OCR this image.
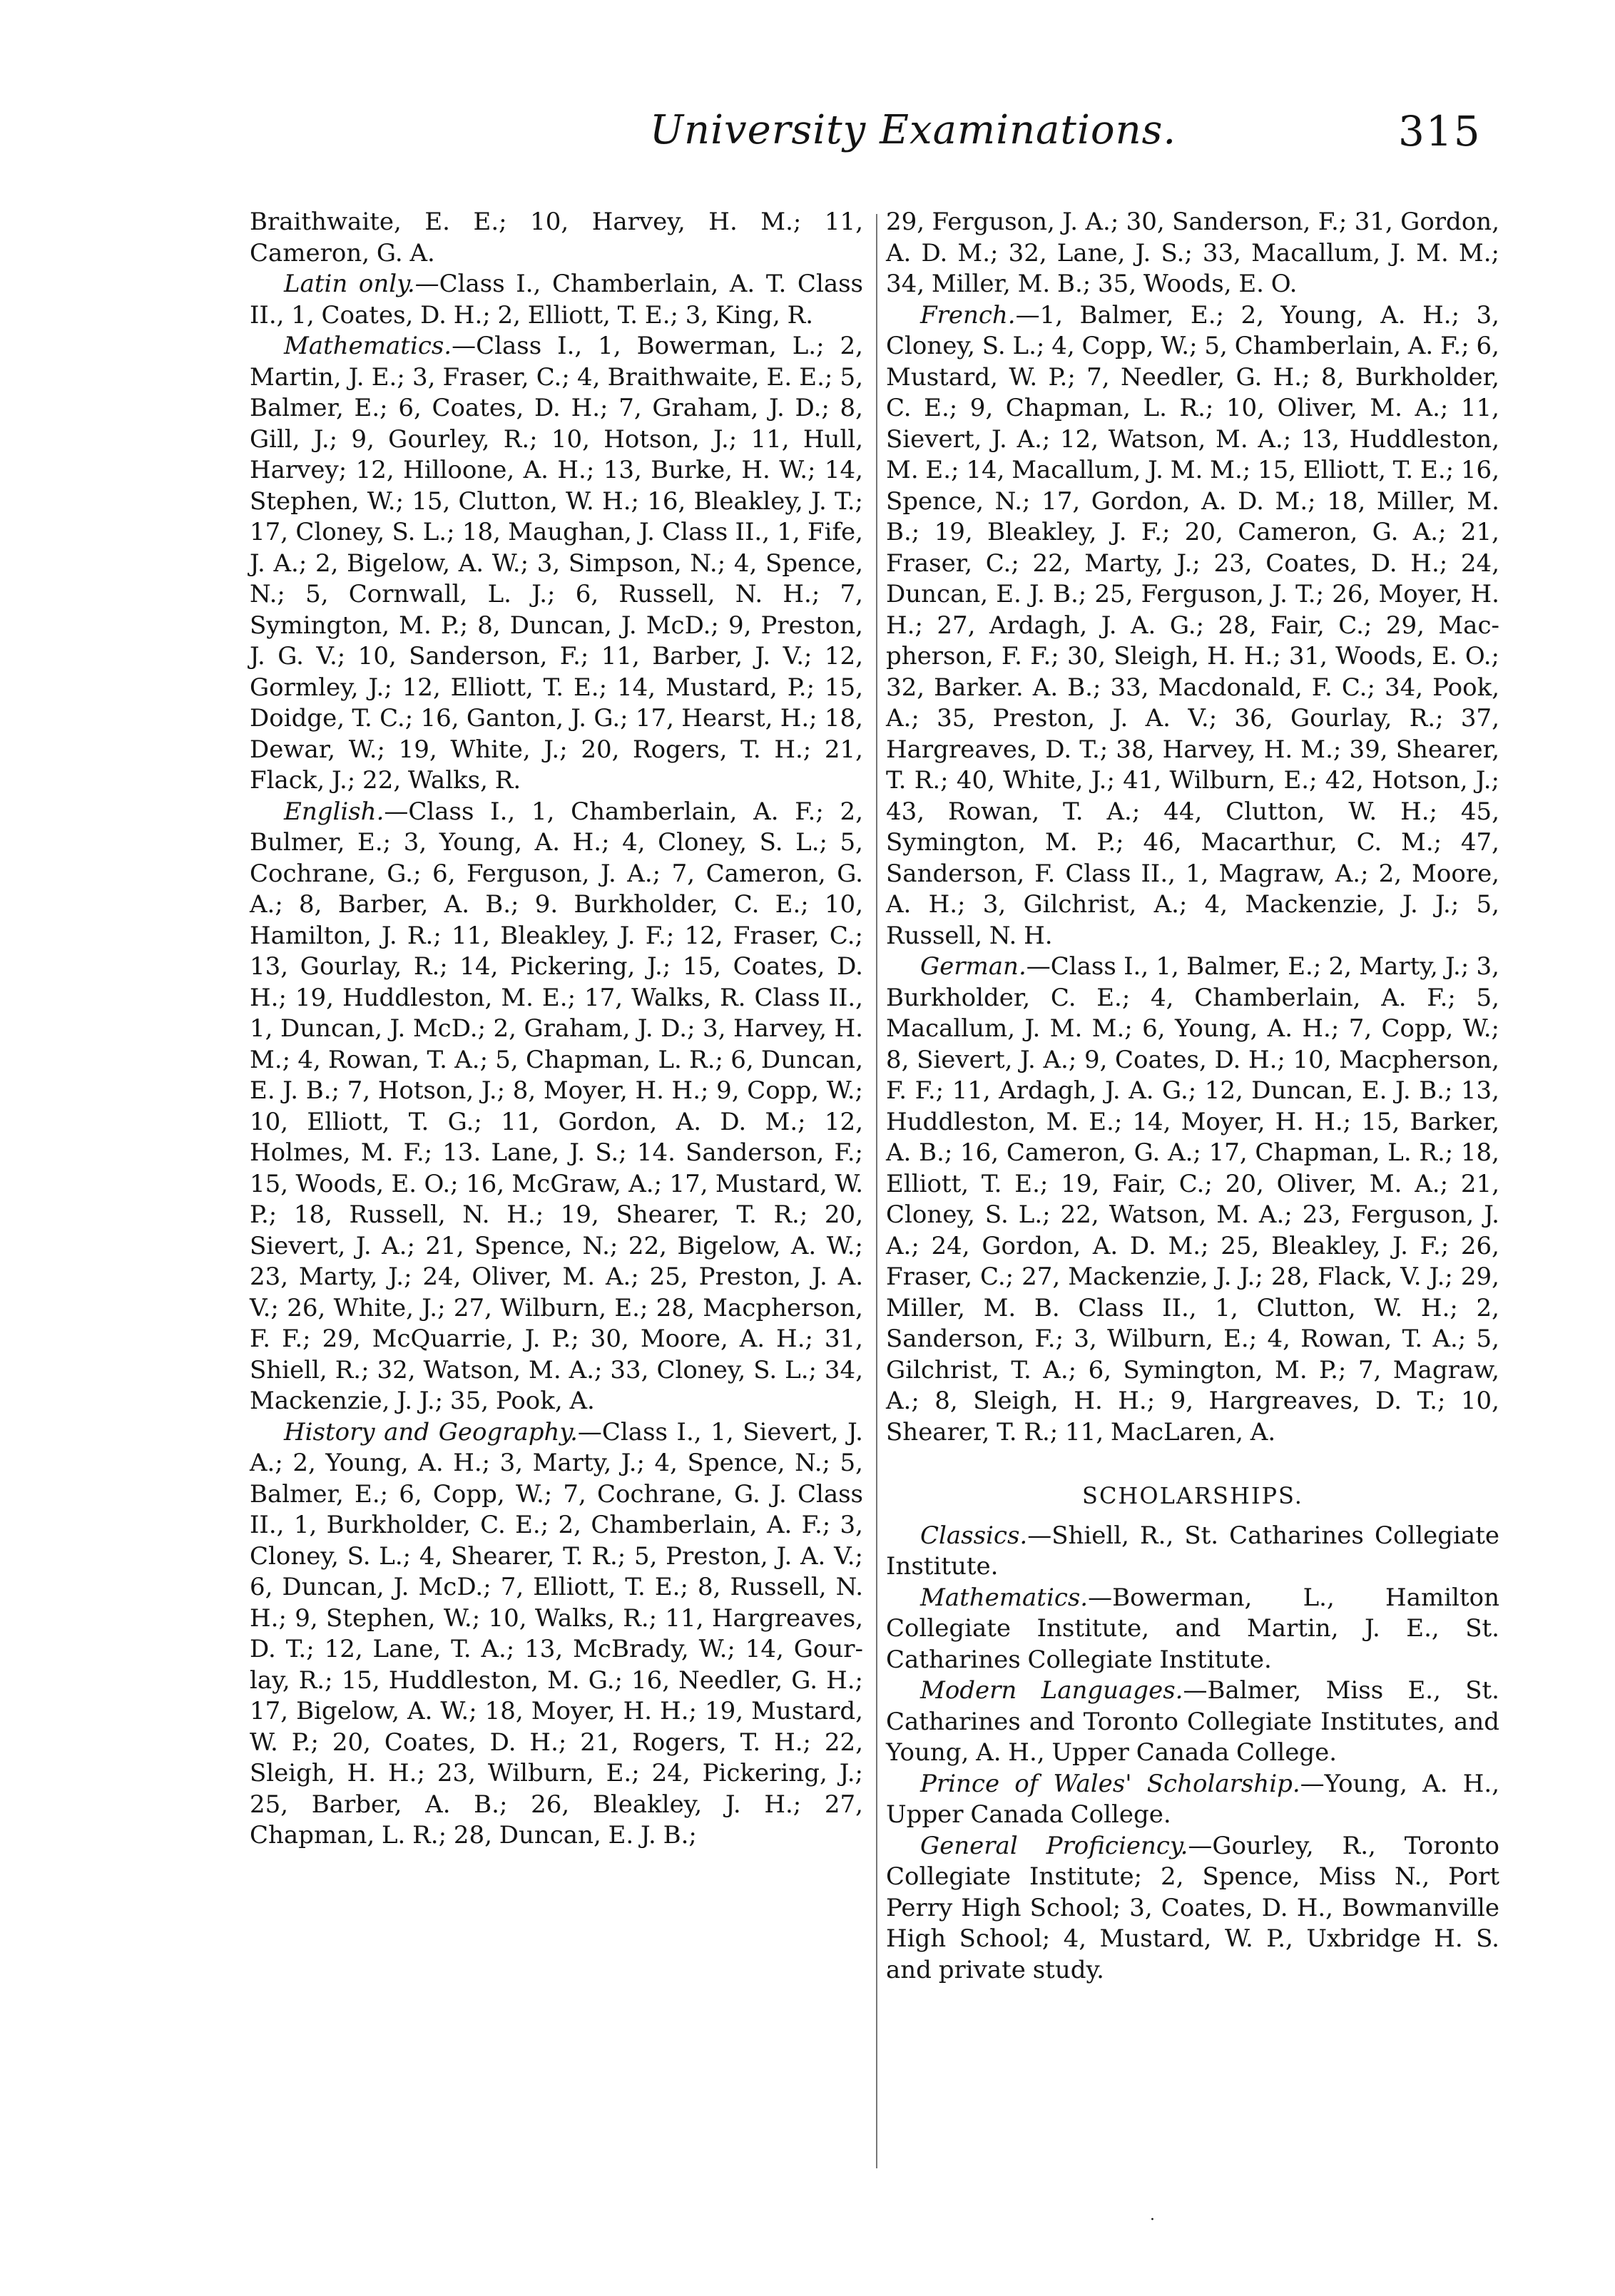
University Examinations.	315

Braithwaite, E. E.; 10, Harvey, H. M.; 11, Cameron, G. A.

Latin only.—Class I., Chamberlain, A. T. Class II., 1, Coates, D. H.; 2, Elliott, T. E.; 3, King, R.

Mathematics.—Class I., 1, Bowerman, L.; 2, Martin, J. E.; 3, Fraser, C.; 4, Braithwaite, E. E.; 5, Balmer, E.; 6, Coates, D. H.; 7, Graham, J. D.; 8, Gill, J.; 9, Gourley, R.; 10, Hotson, J.; 11, Hull, Harvey; 12, Hilloone, A. H.; 13, Burke, H. W.; 14, Stephen, W.; 15, Clutton, W. H.; 16, Bleakley, J. T.; 17, Cloney, S. L.; 18, Maughan, J. Class II., 1, Fife, J. A.; 2, Bigelow, A. W.; 3, Simpson, N.; 4, Spence, N.; 5, Cornwall, L. J.; 6, Russell, N. H.; 7, Symington, M. P.; 8, Duncan, J. McD.; 9, Preston, J. G. V.; 10, Sanderson, F.; 11, Barber, J. V.; 12, Gormley, J.; 12, Elliott, T. E.; 14, Mustard, P.; 15, Doidge, T. C.; 16, Ganton, J. G.; 17, Hearst, H.; 18, Dewar, W.; 19, White, J.; 20, Rogers, T. H.; 21, Flack, J.; 22, Walks, R.

English.—Class I., 1, Chamberlain, A. F.; 2, Bulmer, E.; 3, Young, A. H.; 4, Cloney, S. L.; 5, Cochrane, G.; 6, Ferguson, J. A.; 7, Cameron, G. A.; 8, Barber, A. B.; 9. Burkholder, C. E.; 10, Hamilton, J. R.; 11, Bleakley, J. F.; 12, Fraser, C.; 13, Gourlay, R.; 14, Pickering, J.; 15, Coates, D. H.; 19, Huddleston, M. E.; 17, Walks, R. Class II., 1, Duncan, J. McD.; 2, Graham, J. D.; 3, Harvey, H. M.; 4, Rowan, T. A.; 5, Chapman, L. R.; 6, Duncan, E. J. B.; 7, Hotson, J.; 8, Moyer, H. H.; 9, Copp, W.; 10, Elliott, T. G.; 11, Gordon, A. D. M.; 12, Holmes, M. F.; 13. Lane, J. S.; 14. Sanderson, F.; 15, Woods, E. O.; 16, McGraw, A.; 17, Mustard, W. P.; 18, Russell, N. H.; 19, Shearer, T. R.; 20, Sievert, J. A.; 21, Spence, N.; 22, Bigelow, A. W.; 23, Marty, J.; 24, Oliver, M. A.; 25, Preston, J. A. V.; 26, White, J.; 27, Wilburn, E.; 28, Macpherson, F. F.; 29, McQuarrie, J. P.; 30, Moore, A. H.; 31, Shiell, R.; 32, Watson, M. A.; 33, Cloney, S. L.; 34, Mackenzie, J. J.; 35, Pook, A.

History and Geography.—Class I., 1, Sievert, J. A.; 2, Young, A. H.; 3, Marty, J.; 4, Spence, N.; 5, Balmer, E.; 6, Copp, W.; 7, Cochrane, G. J. Class II., 1, Burkholder, C. E.; 2, Chamberlain, A. F.; 3, Cloney, S. L.; 4, Shearer, T. R.; 5, Preston, J. A. V.; 6, Duncan, J. McD.; 7, Elliott, T. E.; 8, Russell, N. H.; 9, Stephen, W.; 10, Walks, R.; 11, Hargreaves, D. T.; 12, Lane, T. A.; 13, McBrady, W.; 14, Gourlay, R.; 15, Huddleston, M. G.; 16, Needler, G. H.; 17, Bigelow, A. W.; 18, Moyer, H. H.; 19, Mustard, W. P.; 20, Coates, D. H.; 21, Rogers, T. H.; 22, Sleigh, H. H.; 23, Wilburn, E.; 24, Pickering, J.; 25, Barber, A. B.; 26, Bleakley, J. H.; 27, Chapman, L. R.; 28, Duncan, E. J. B.;

29, Ferguson, J. A.; 30, Sanderson, F.; 31, Gordon, A. D. M.; 32, Lane, J. S.; 33, Macallum, J. M. M.; 34, Miller, M. B.; 35, Woods, E. O.

French.—1, Balmer, E.; 2, Young, A. H.; 3, Cloney, S. L.; 4, Copp, W.; 5, Chamberlain, A. F.; 6, Mustard, W. P.; 7, Needler, G. H.; 8, Burkholder, C. E.; 9, Chapman, L. R.; 10, Oliver, M. A.; 11, Sievert, J. A.; 12, Watson, M. A.; 13, Huddleston, M. E.; 14, Macallum, J. M. M.; 15, Elliott, T. E.; 16, Spence, N.; 17, Gordon, A. D. M.; 18, Miller, M. B.; 19, Bleakley, J. F.; 20, Cameron, G. A.; 21, Fraser, C.; 22, Marty, J.; 23, Coates, D. H.; 24, Duncan, E. J. B.; 25, Ferguson, J. T.; 26, Moyer, H. H.; 27, Ardagh, J. A. G.; 28, Fair, C.; 29, Macpherson, F. F.; 30, Sleigh, H. H.; 31, Woods, E. O.; 32, Barker. A. B.; 33, Macdonald, F. C.; 34, Pook, A.; 35, Preston, J. A. V.; 36, Gourlay, R.; 37, Hargreaves, D. T.; 38, Harvey, H. M.; 39, Shearer, T. R.; 40, White, J.; 41, Wilburn, E.; 42, Hotson, J.; 43, Rowan, T. A.; 44, Clutton, W. H.; 45, Symington, M. P.; 46, Macarthur, C. M.; 47, Sanderson, F. Class II., 1, Magraw, A.; 2, Moore, A. H.; 3, Gilchrist, A.; 4, Mackenzie, J. J.; 5, Russell, N. H.

German.—Class I., 1, Balmer, E.; 2, Marty, J.; 3, Burkholder, C. E.; 4, Chamberlain, A. F.; 5, Macallum, J. M. M.; 6, Young, A. H.; 7, Copp, W.; 8, Sievert, J. A.; 9, Coates, D. H.; 10, Macpherson, F. F.; 11, Ardagh, J. A. G.; 12, Duncan, E. J. B.; 13, Huddleston, M. E.; 14, Moyer, H. H.; 15, Barker, A. B.; 16, Cameron, G. A.; 17, Chapman, L. R.; 18, Elliott, T. E.; 19, Fair, C.; 20, Oliver, M. A.; 21, Cloney, S. L.; 22, Watson, M. A.; 23, Ferguson, J. A.; 24, Gordon, A. D. M.; 25, Bleakley, J. F.; 26, Fraser, C.; 27, Mackenzie, J. J.; 28, Flack, V. J.; 29, Miller, M. B. Class II., 1, Clutton, W. H.; 2, Sanderson, F.; 3, Wilburn, E.; 4, Rowan, T. A.; 5, Gilchrist, T. A.; 6, Symington, M. P.; 7, Magraw, A.; 8, Sleigh, H. H.; 9, Hargreaves, D. T.; 10, Shearer, T. R.; 11, MacLaren, A.

SCHOLARSHIPS.

Classics.—Shiell, R., St. Catharines Collegiate Institute.

Mathematics.—Bowerman, L., Hamilton Collegiate Institute, and Martin, J. E., St. Catharines Collegiate Institute.

Modern Languages.—Balmer, Miss E., St. Catharines and Toronto Collegiate Institutes, and Young, A. H., Upper Canada College.

Prince of Wales' Scholarship.—Young, A. H., Upper Canada College.

General Proficiency.—Gourley, R., Toronto Collegiate Institute; 2, Spence, Miss N., Port Perry High School; 3, Coates, D. H., Bowmanville High School; 4, Mustard, W. P., Uxbridge H. S. and private study.

·
